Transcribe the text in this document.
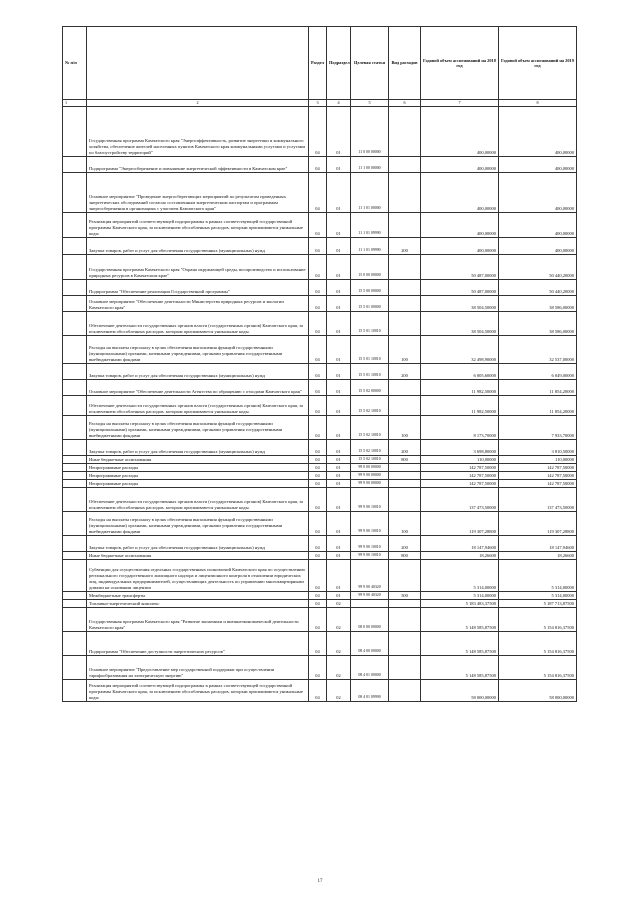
№ п/п		Раздел	Подраздел	Целевая статья	Вид расходов	Годовой объем ассигнований на 2018 год	Годовой объем ассигнований на 2019 год
1	2	3	4	5	6	7	8
	Государственная программа Камчатского края "Энергоэффективность, развитие энергетики и коммунального хозяйства, обеспечение жителей населенных пунктов Камчатского края коммунальными услугами и услугами по благоустройству территорий"	04	01	11 0 00 00000		400,00000	400,00000
	Подпрограмма "Энергосбережение и повышение энергетической эффективности в Камчатском крае"	04	01	11 1 00 00000		400,00000	400,00000
	Основное мероприятие "Проведение энергосберегающих мероприятий по результатам проведенных энергетических обследований согласно составленным энергетическим паспортам и программам энергосбережения в организациях с участием Камчатского края"	04	01	11 1 01 00000		400,00000	400,00000
	Реализация мероприятий соответствующей подпрограммы в рамках соответствующей государственной программы Камчатского края, за исключением обособленных расходов, которым присваиваются уникальные коды	04	01	11 1 01 09990		400,00000	400,00000
	Закупка товаров, работ и услуг для обеспечения государственных (муниципальных) нужд	04	01	11 1 01 09990	200	400,00000	400,00000
	Государственная программа Камчатского края "Охрана окружающей среды, воспроизводство и использование природных ресурсов в Камчатском крае"	04	01	15 0 00 00000		50 487,00000	50 440,20000
	Подпрограмма "Обеспечение реализации Государственной программы"	04	01	15 5 00 00000		50 487,00000	50 440,20000
	Основное мероприятие "Обеспечение деятельности Министерства природных ресурсов и экологии Камчатского края"	04	01	15 5 01 00000		38 504,50000	38 586,00000
	Обеспечение деятельности государственных органов власти (государственных органов) Камчатского края, за исключением обособленных расходов, которым присваиваются уникальные коды.	04	01	15 5 01 10010		38 504,50000	38 586,00000
	Расходы на выплаты персоналу в целях обеспечения выполнения функций государственными (муниципальными) органами, казенными учреждениями, органами управления государственными внебюджетными фондами	04	01	15 5 01 10010	100	32 498,90000	32 537,00000
	Закупка товаров, работ и услуг для обеспечения государственных (муниципальных) нужд	04	01	15 5 01 10010	200	6 005,60000	6 049,00000
	Основное мероприятие "Обеспечение деятельности Агентства по обращению с отходами Камчатского края"	04	01	15 5 02 00000		11 982,50000	11 854,20000
	Обеспечение деятельности государственных органов власти (государственных органов) Камчатского края, за исключением обособленных расходов, которым присваиваются уникальные коды.	04	01	15 5 02 10010		11 982,50000	11 854,20000
	Расходы на выплаты персоналу в целях обеспечения выполнения функций государственными (муниципальными) органами, казенными учреждениями, органами управления государственными внебюджетными фондами	04	01	15 5 02 10010	100	8 173,70000	7 933,70000
	Закупка товаров, работ и услуг для обеспечения государственных (муниципальных) нужд	04	01	15 5 02 10010	200	3 698,80000	3 810,50000
	Иные бюджетные ассигнования	04	01	15 5 02 10010	800	110,00000	110,00000
	Непрограммные расходы	04	01	99 0 00 00000		142 787,50000	142 787,50000
	Непрограммные расходы	04	01	99 9 00 00000		142 787,50000	142 787,50000
	Непрограммные расходы	04	01	99 9 00 00000		142 787,50000	142 787,50000
	Обеспечение деятельности государственных органов власти (государственных органов) Камчатского края, за исключением обособленных расходов, которым присваиваются уникальные коды.	04	01	99 9 00 10010		137 473,50000	137 473,50000
	Расходы на выплаты персоналу в целях обеспечения выполнения функций государственными (муниципальными) органами, казенными учреждениями, органами управления государственными внебюджетными фондами	04	01	99 9 00 10010	100	119 307,28800	119 307,28800
	Закупка товаров, работ и услуг для обеспечения государственных (муниципальных) нужд	04	01	99 9 00 10010	200	18 147,94600	18 147,94600
	Иные бюджетные ассигнования	04	01	99 9 00 10010	800	18,26600	18,26600
	Субвенции для осуществления отдельных государственных полномочий Камчатского края по осуществлению регионального государственного жилищного надзора и лицензионного контроля в отношении юридических лиц, индивидуальных предпринимателей, осуществляющих деятельность по управлению многоквартирными домами на основании лицензии	04	01	99 9 00 40320		5 314,00000	5 314,00000
	Межбюджетные трансферты	04	01	99 9 00 40320	500	5 314,00000	5 314,00000
	Топливно-энергетический комплекс	04	02			5 183 483,37500	5 187 713,87500
	Государственная программа Камчатского края "Развитие экономики и внешнеэкономической деятельности Камчатского края"	04	02	08 0 00 00000		5 148 585,87500	5 154 816,37500
	Подпрограмма "Обеспечение доступности энергетических ресурсов"	04	02	08 4 00 00000		5 148 585,87500	5 154 816,37500
	Основное мероприятие "Предоставление мер государственной поддержки при осуществлении тарифообразования на электрическую энергию"	04	02	08 4 01 00000		5 148 585,87500	5 154 816,37500
	Реализация мероприятий соответствующей подпрограммы в рамках соответствующей государственной программы Камчатского края, за исключением обособленных расходов, которым присваиваются уникальные коды	04	02	08 4 01 09990		58 000,00000	58 000,00000
17
